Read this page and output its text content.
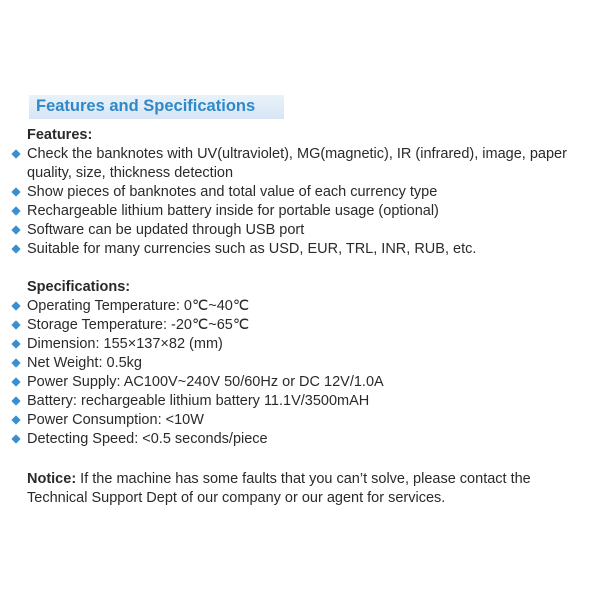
Features and Specifications
Features:
Check the banknotes with UV(ultraviolet), MG(magnetic), IR (infrared), image, paper quality, size, thickness detection
Show pieces of banknotes and total value of each currency type
Rechargeable lithium battery inside for portable usage (optional)
Software can be updated through USB port
Suitable for many currencies such as USD, EUR, TRL, INR, RUB, etc.
Specifications:
Operating Temperature: 0℃~40℃
Storage Temperature: -20℃~65℃
Dimension: 155×137×82 (mm)
Net Weight: 0.5kg
Power Supply: AC100V~240V 50/60Hz or DC 12V/1.0A
Battery: rechargeable lithium battery 11.1V/3500mAH
Power Consumption: <10W
Detecting Speed: <0.5 seconds/piece
Notice: If the machine has some faults that you can’t solve, please contact the Technical Support Dept of our company or our agent for services.
